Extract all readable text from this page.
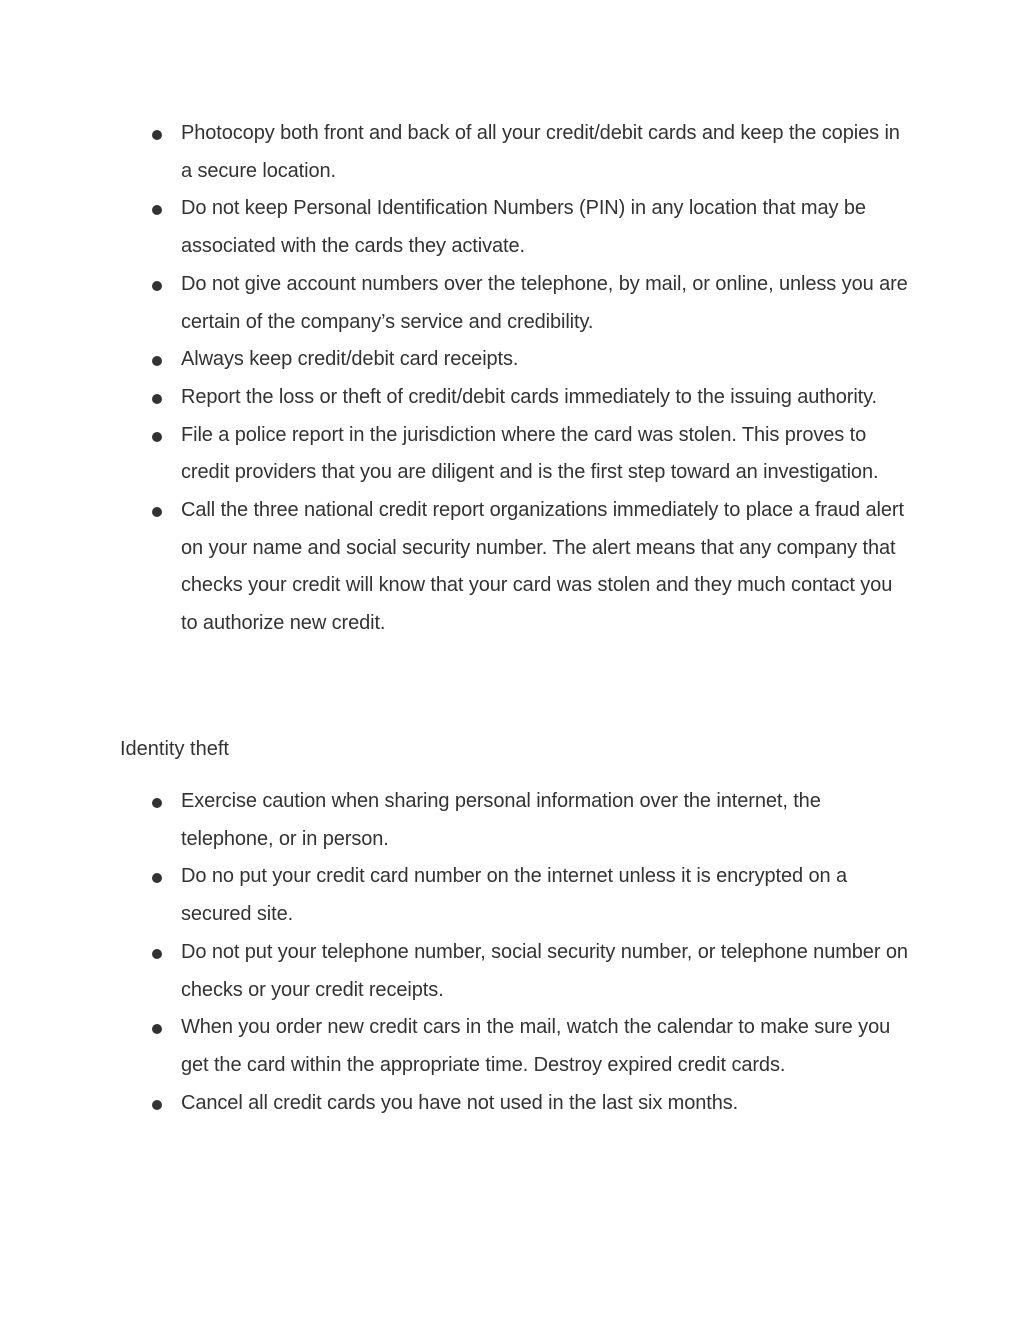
Photocopy both front and back of all your credit/debit cards and keep the copies in a secure location.
Do not keep Personal Identification Numbers (PIN) in any location that may be associated with the cards they activate.
Do not give account numbers over the telephone, by mail, or online, unless you are certain of the company’s service and credibility.
Always keep credit/debit card receipts.
Report the loss or theft of credit/debit cards immediately to the issuing authority.
File a police report in the jurisdiction where the card was stolen. This proves to credit providers that you are diligent and is the first step toward an investigation.
Call the three national credit report organizations immediately to place a fraud alert on your name and social security number. The alert means that any company that checks your credit will know that your card was stolen and they much contact you to authorize new credit.

Identity theft

Exercise caution when sharing personal information over the internet, the telephone, or in person.
Do no put your credit card number on the internet unless it is encrypted on a secured site.
Do not put your telephone number, social security number, or telephone number on checks or your credit receipts.
When you order new credit cars in the mail, watch the calendar to make sure you get the card within the appropriate time. Destroy expired credit cards.
Cancel all credit cards you have not used in the last six months.
